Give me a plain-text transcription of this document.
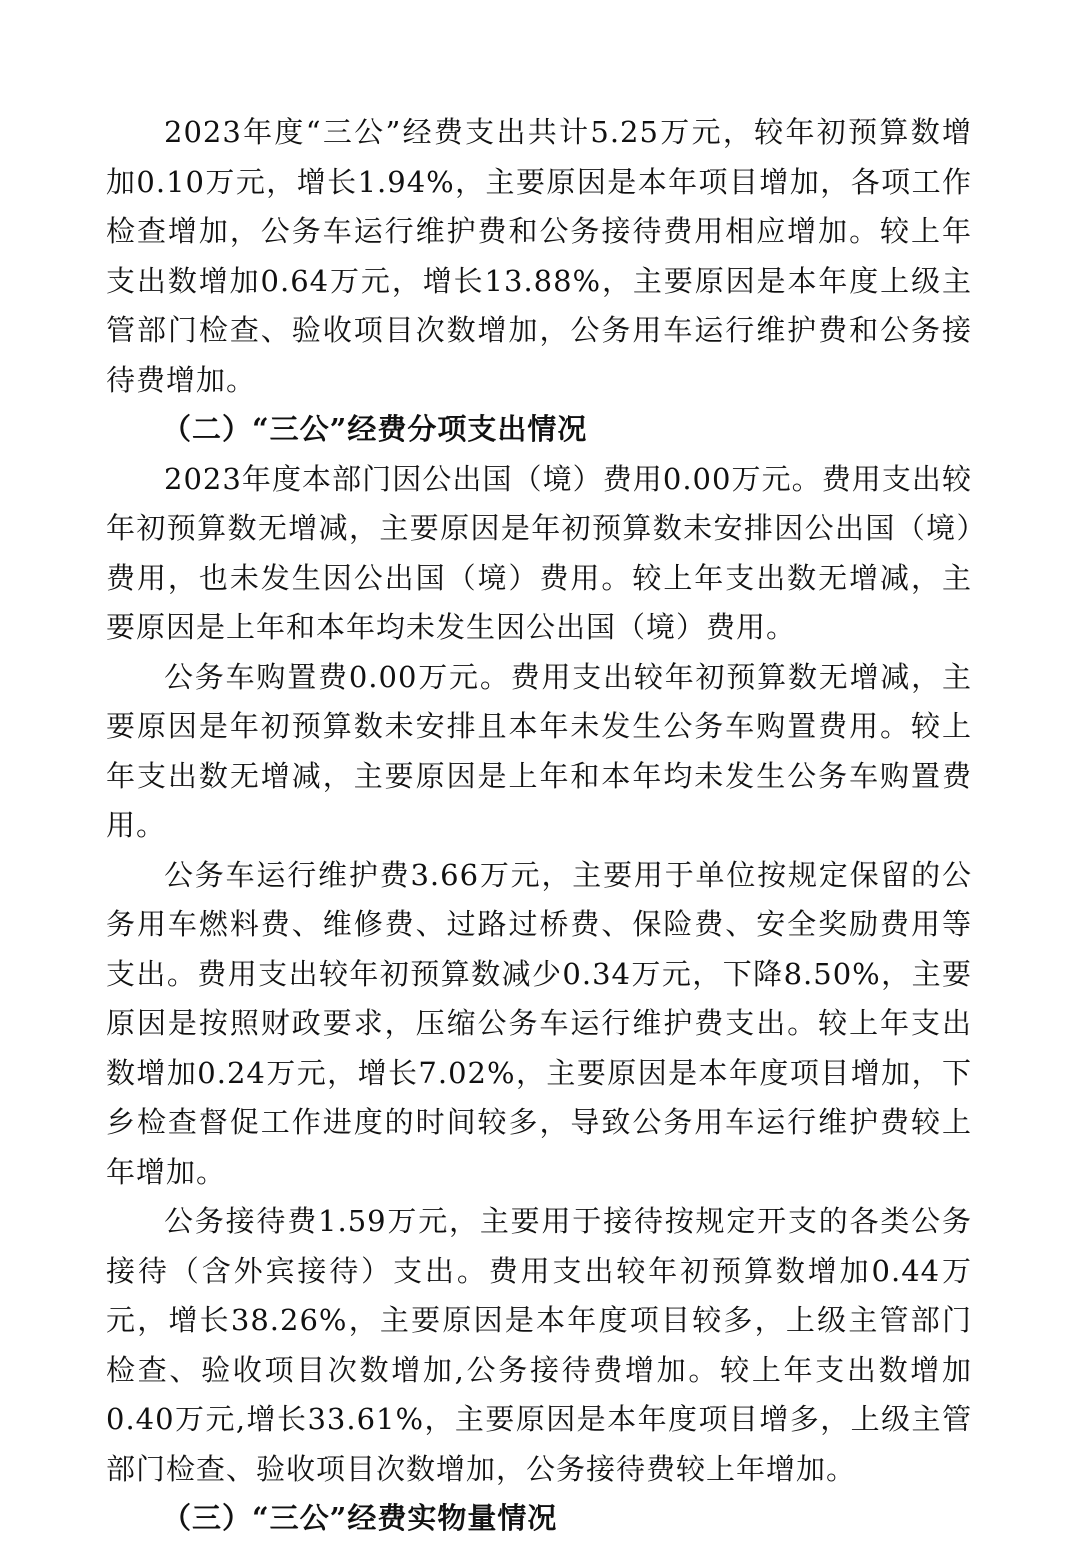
2023年度“三公”经费支出共计5.25万元，较年初预算数增加0.10万元，增长1.94%，主要原因是本年项目增加，各项工作检查增加，公务车运行维护费和公务接待费用相应增加。较上年支出数增加0.64万元，增长13.88%，主要原因是本年度上级主管部门检查、验收项目次数增加，公务用车运行维护费和公务接待费增加。

（二）“三公”经费分项支出情况

2023年度本部门因公出国（境）费用0.00万元。费用支出较年初预算数无增减，主要原因是年初预算数未安排因公出国（境）费用，也未发生因公出国（境）费用。较上年支出数无增减，主要原因是上年和本年均未发生因公出国（境）费用。

公务车购置费0.00万元。费用支出较年初预算数无增减，主要原因是年初预算数未安排且本年未发生公务车购置费用。较上年支出数无增减，主要原因是上年和本年均未发生公务车购置费用。

公务车运行维护费3.66万元，主要用于单位按规定保留的公务用车燃料费、维修费、过路过桥费、保险费、安全奖励费用等支出。费用支出较年初预算数减少0.34万元，下降8.50%，主要原因是按照财政要求，压缩公务车运行维护费支出。较上年支出数增加0.24万元，增长7.02%，主要原因是本年度项目增加，下乡检查督促工作进度的时间较多，导致公务用车运行维护费较上年增加。

公务接待费1.59万元，主要用于接待按规定开支的各类公务接待（含外宾接待）支出。费用支出较年初预算数增加0.44万元，增长38.26%，主要原因是本年度项目较多，上级主管部门检查、验收项目次数增加,公务接待费增加。较上年支出数增加0.40万元,增长33.61%，主要原因是本年度项目增多，上级主管部门检查、验收项目次数增加，公务接待费较上年增加。

（三）“三公”经费实物量情况
